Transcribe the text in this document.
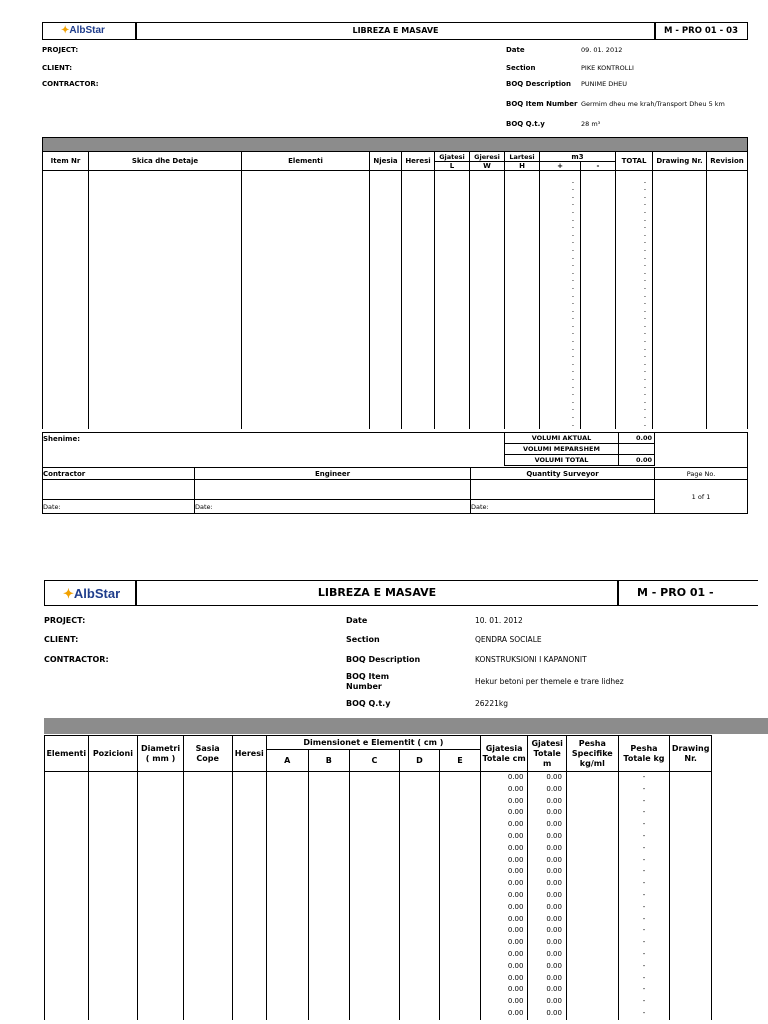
✦AlbStar	LIBREZA E MASAVE	M - PRO 01 - 03
PROJECT:
CLIENT:
CONTRACTOR:
Date	09. 01. 2012
Section	PIKE KONTROLLI
BOQ Description PUNIME DHEU
BOQ Item Number Germim dheu me krah/Transport Dheu 5 km
BOQ Q.t.y	28 m³
Item Nr	Skica dhe Detaje	Elementi	Njesia	Heresi	Gjatesi	Gjeresi	Lartesi	m3		TOTAL	Drawing Nr.	Revision
					L	W	H	+	-			

								-		-		
								-		-		
								-		-		
								-		-		
								-		-		
								-		-		
								-		-		
								-		-		
								-		-		
								-		-		
								-		-		
								-		-		
								-		-		
								-		-		
								-		-		
								-		-		
								-		-		
								-		-		
								-		-		
								-		-		
								-		-		
								-		-		
								-		-		
								-		-		
								-		-		
								-		-		
								-		-		
								-		-		
								-		-		
								-		-		
								-		-		
								-		-		
								-		-		
Shenime:	VOLUMI AKTUAL	0.00
VOLUMI MEPARSHEM	
VOLUMI TOTAL	0.00
Contractor	Engineer	Quantity Surveyor	Page No.
			1 of 1
Date:	Date:	Date:	
✦AlbStar	LIBREZA E MASAVE	M - PRO 01 -
PROJECT:
CLIENT:
CONTRACTOR:
Date	10. 01. 2012
Section	QENDRA SOCIALE
BOQ Description	KONSTRUKSIONI I KAPANONIT
BOQ Item Number
Hekur betoni per themele e trare lidhez
BOQ Q.t.y	26221kg
Elementi	Pozicioni	Diametri ( mm )	Sasia Cope	Heresi	Dimensionet e Elementit ( cm )					Gjatesia Totale cm	Gjatesi Totale m	Pesha Specifike kg/ml	Pesha Totale kg	Drawing Nr.
					A	B	C	D	E					
										0.00	0.00		-	
										0.00	0.00		-	
										0.00	0.00		-	
										0.00	0.00		-	
										0.00	0.00		-	
										0.00	0.00		-	
										0.00	0.00		-	
										0.00	0.00		-	
										0.00	0.00		-	
										0.00	0.00		-	
										0.00	0.00		-	
										0.00	0.00		-	
										0.00	0.00		-	
										0.00	0.00		-	
										0.00	0.00		-	
										0.00	0.00		-	
										0.00	0.00		-	
										0.00	0.00		-	
										0.00	0.00		-	
										0.00	0.00		-	
										0.00	0.00		-	
